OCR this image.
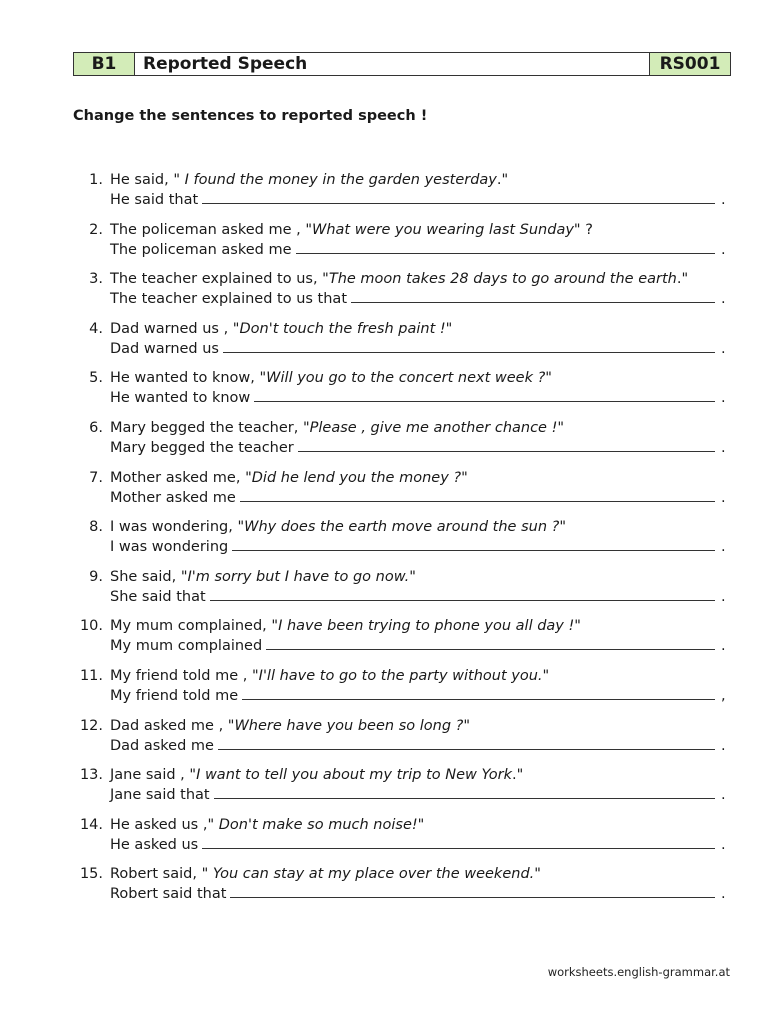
B1	Reported Speech	RS001
Change the sentences to reported speech !
1. He said, " I found the money in the garden yesterday."
He said that	.
2. The policeman asked me , "What were you wearing last Sunday" ?
The policeman asked me	.
3. The teacher explained to us, "The moon takes 28 days to go around the earth."
The teacher explained to us that	.
4. Dad warned us , "Don't touch the fresh paint !"
Dad warned us	.
5. He wanted to know, "Will you go to the concert next week ?"
He wanted to know	.
6. Mary begged the teacher, "Please , give me another chance !"
Mary begged the teacher	.
7. Mother asked me, "Did he lend you the money ?"
Mother asked me	.
8. I was wondering, "Why does the earth move around the sun ?"
I was wondering	.
9. She said, "I'm sorry but I have to go now."
She said that	.
10. My mum complained, "I have been trying to phone you all day !"
My mum complained	.
11. My friend told me , "I'll have to go to the party without you."
My friend told me	,
12. Dad asked me , "Where have you been so long ?"
Dad asked me	.
13. Jane said , "I want to tell you about my trip to New York."
Jane said that	.
14. He asked us ," Don't make so much noise!"
He asked us	.
15. Robert said, " You can stay at my place over the weekend."
Robert said that	.
worksheets.english-grammar.at
